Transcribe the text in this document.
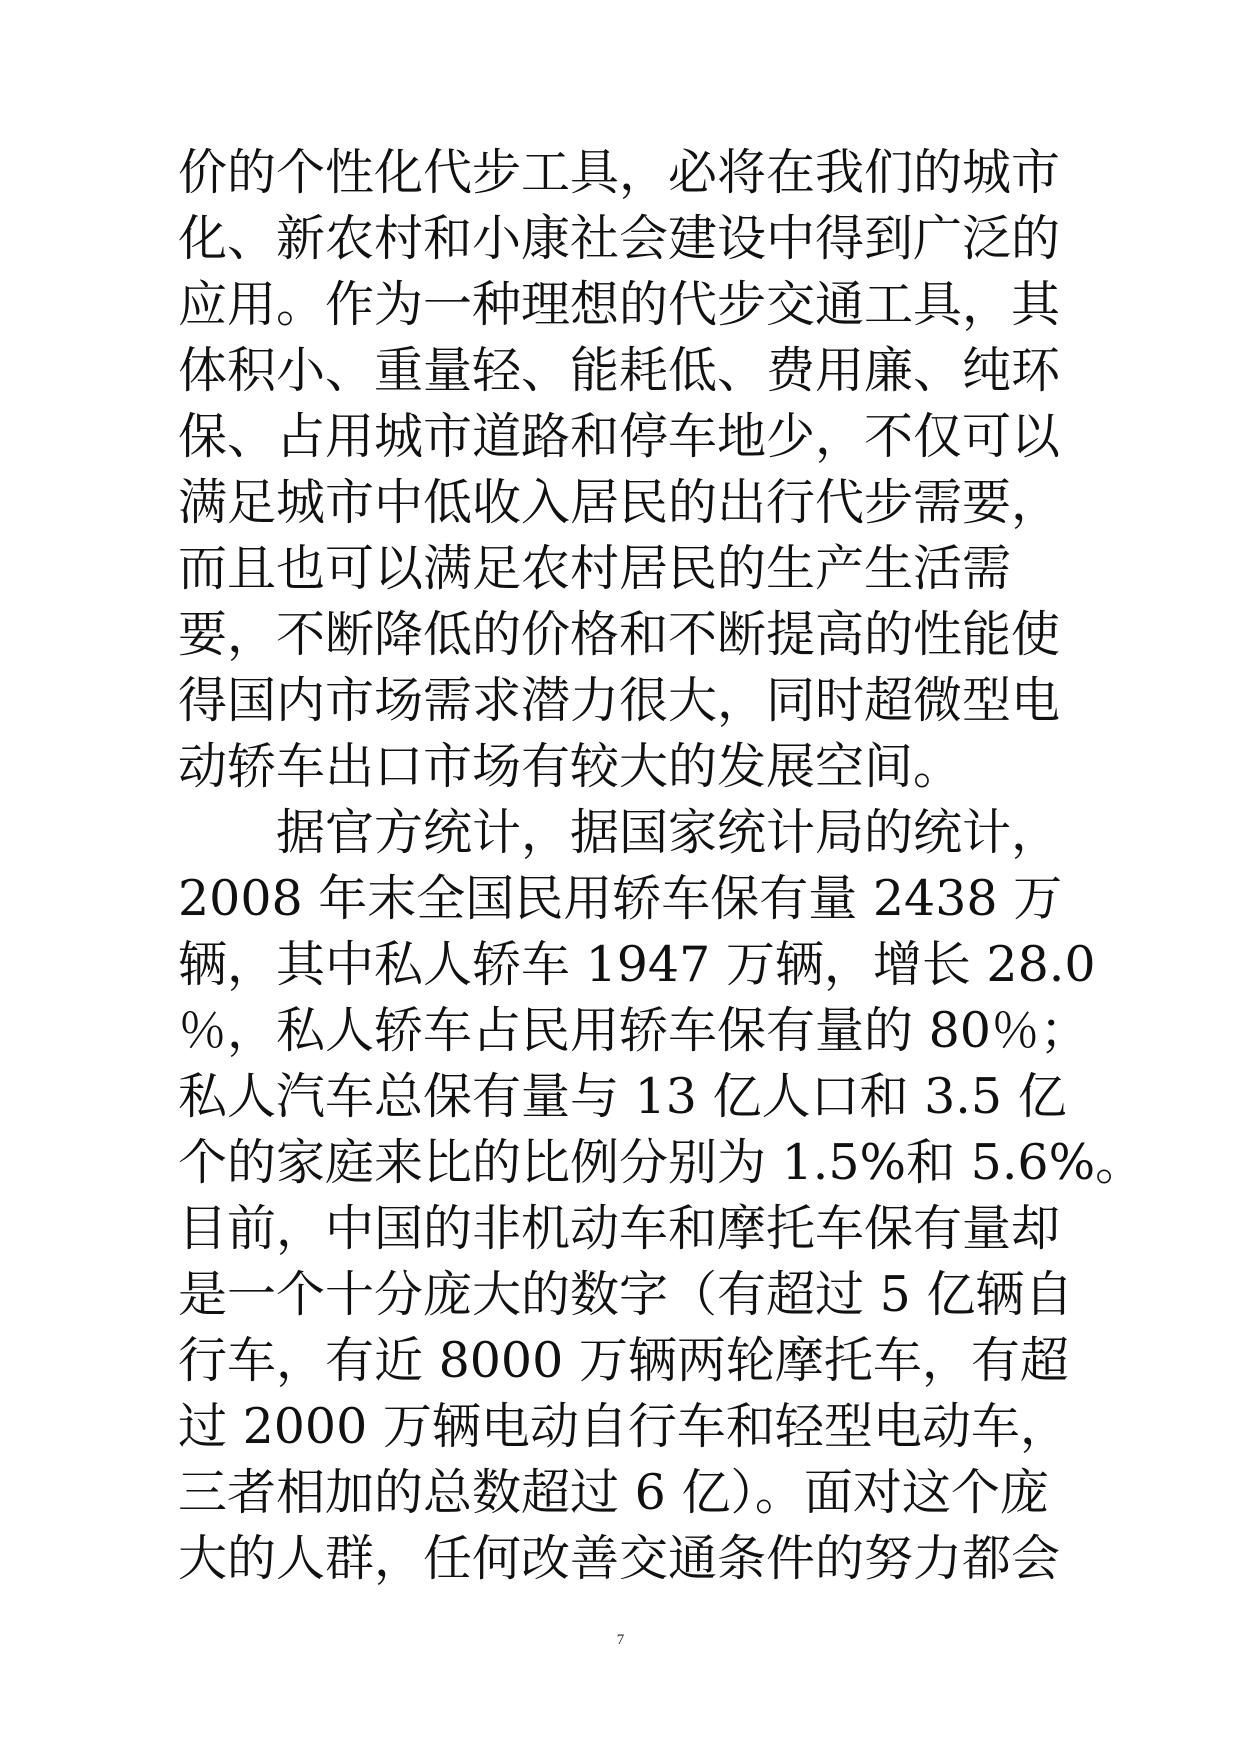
价的个性化代步工具，必将在我们的城市
化、新农村和小康社会建设中得到广泛的
应用。作为一种理想的代步交通工具，其
体积小、重量轻、能耗低、费用廉、纯环
保、占用城市道路和停车地少，不仅可以
满足城市中低收入居民的出行代步需要，
而且也可以满足农村居民的生产生活需
要，不断降低的价格和不断提高的性能使
得国内市场需求潜力很大，同时超微型电
动轿车出口市场有较大的发展空间。
　　据官方统计，据国家统计局的统计，
2008 年末全国民用轿车保有量 2438 万
辆，其中私人轿车 1947 万辆，增长 28.0
％，私人轿车占民用轿车保有量的 80％；
私人汽车总保有量与 13 亿人口和 3.5 亿
个的家庭来比的比例分别为 1.5%和 5.6%。
目前，中国的非机动车和摩托车保有量却
是一个十分庞大的数字（有超过 5 亿辆自
行车，有近 8000 万辆两轮摩托车，有超
过 2000 万辆电动自行车和轻型电动车，
三者相加的总数超过 6 亿）。面对这个庞
大的人群，任何改善交通条件的努力都会
7
